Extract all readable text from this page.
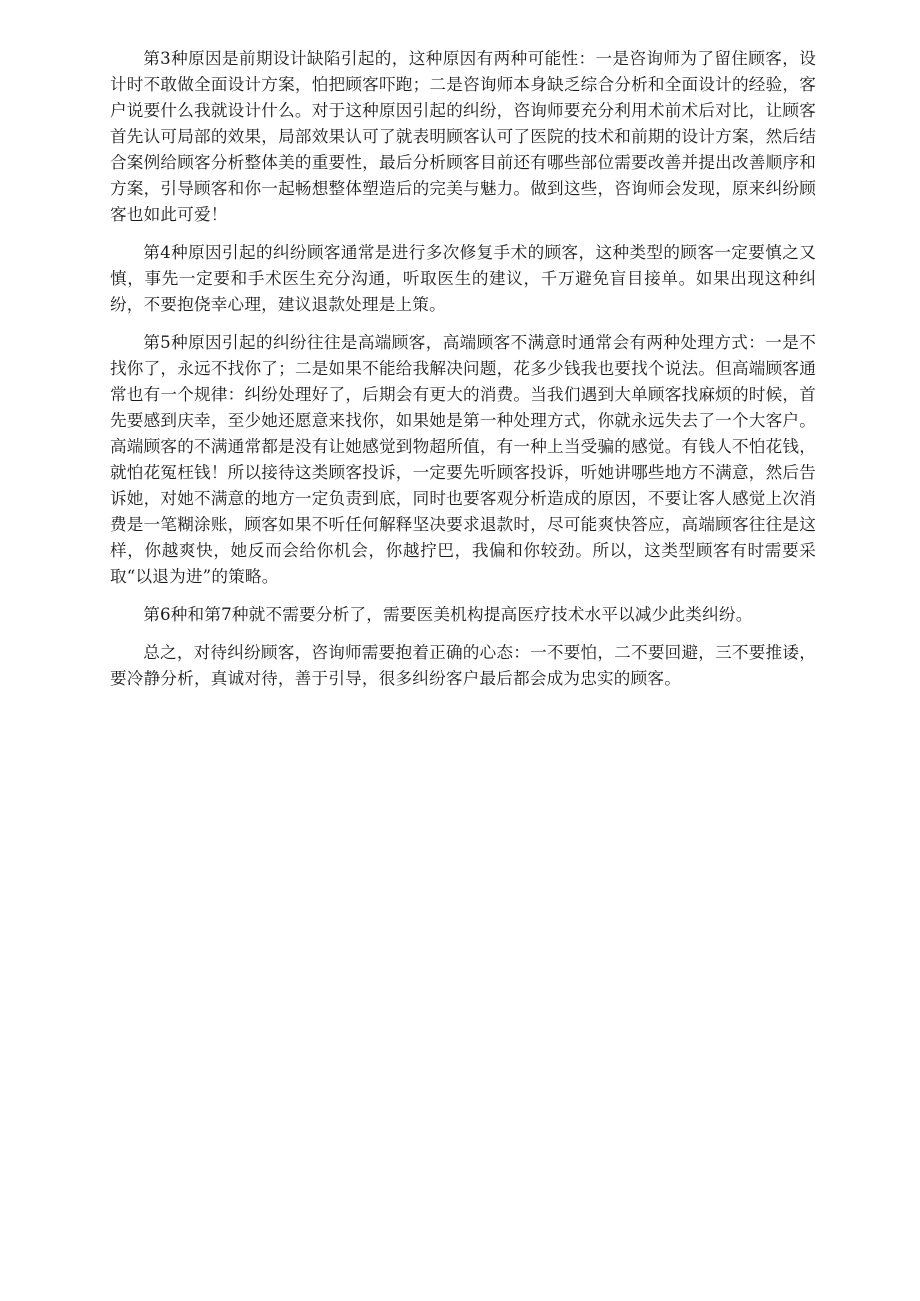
第3种原因是前期设计缺陷引起的，这种原因有两种可能性：一是咨询师为了留住顾客，设计时不敢做全面设计方案，怕把顾客吓跑；二是咨询师本身缺乏综合分析和全面设计的经验，客户说要什么我就设计什么。对于这种原因引起的纠纷，咨询师要充分利用术前术后对比，让顾客首先认可局部的效果，局部效果认可了就表明顾客认可了医院的技术和前期的设计方案，然后结合案例给顾客分析整体美的重要性，最后分析顾客目前还有哪些部位需要改善并提出改善顺序和方案，引导顾客和你一起畅想整体塑造后的完美与魅力。做到这些，咨询师会发现，原来纠纷顾客也如此可爱！

第4种原因引起的纠纷顾客通常是进行多次修复手术的顾客，这种类型的顾客一定要慎之又慎，事先一定要和手术医生充分沟通，听取医生的建议，千万避免盲目接单。如果出现这种纠纷，不要抱侥幸心理，建议退款处理是上策。

第5种原因引起的纠纷往往是高端顾客，高端顾客不满意时通常会有两种处理方式：一是不找你了，永远不找你了；二是如果不能给我解决问题，花多少钱我也要找个说法。但高端顾客通常也有一个规律：纠纷处理好了，后期会有更大的消费。当我们遇到大单顾客找麻烦的时候，首先要感到庆幸，至少她还愿意来找你，如果她是第一种处理方式，你就永远失去了一个大客户。高端顾客的不满通常都是没有让她感觉到物超所值，有一种上当受骗的感觉。有钱人不怕花钱，就怕花冤枉钱！所以接待这类顾客投诉，一定要先听顾客投诉，听她讲哪些地方不满意，然后告诉她，对她不满意的地方一定负责到底，同时也要客观分析造成的原因，不要让客人感觉上次消费是一笔糊涂账，顾客如果不听任何解释坚决要求退款时，尽可能爽快答应，高端顾客往往是这样，你越爽快，她反而会给你机会，你越拧巴，我偏和你较劲。所以，这类型顾客有时需要采取“以退为进”的策略。

第6种和第7种就不需要分析了，需要医美机构提高医疗技术水平以减少此类纠纷。

总之，对待纠纷顾客，咨询师需要抱着正确的心态：一不要怕，二不要回避，三不要推诿，要冷静分析，真诚对待，善于引导，很多纠纷客户最后都会成为忠实的顾客。
